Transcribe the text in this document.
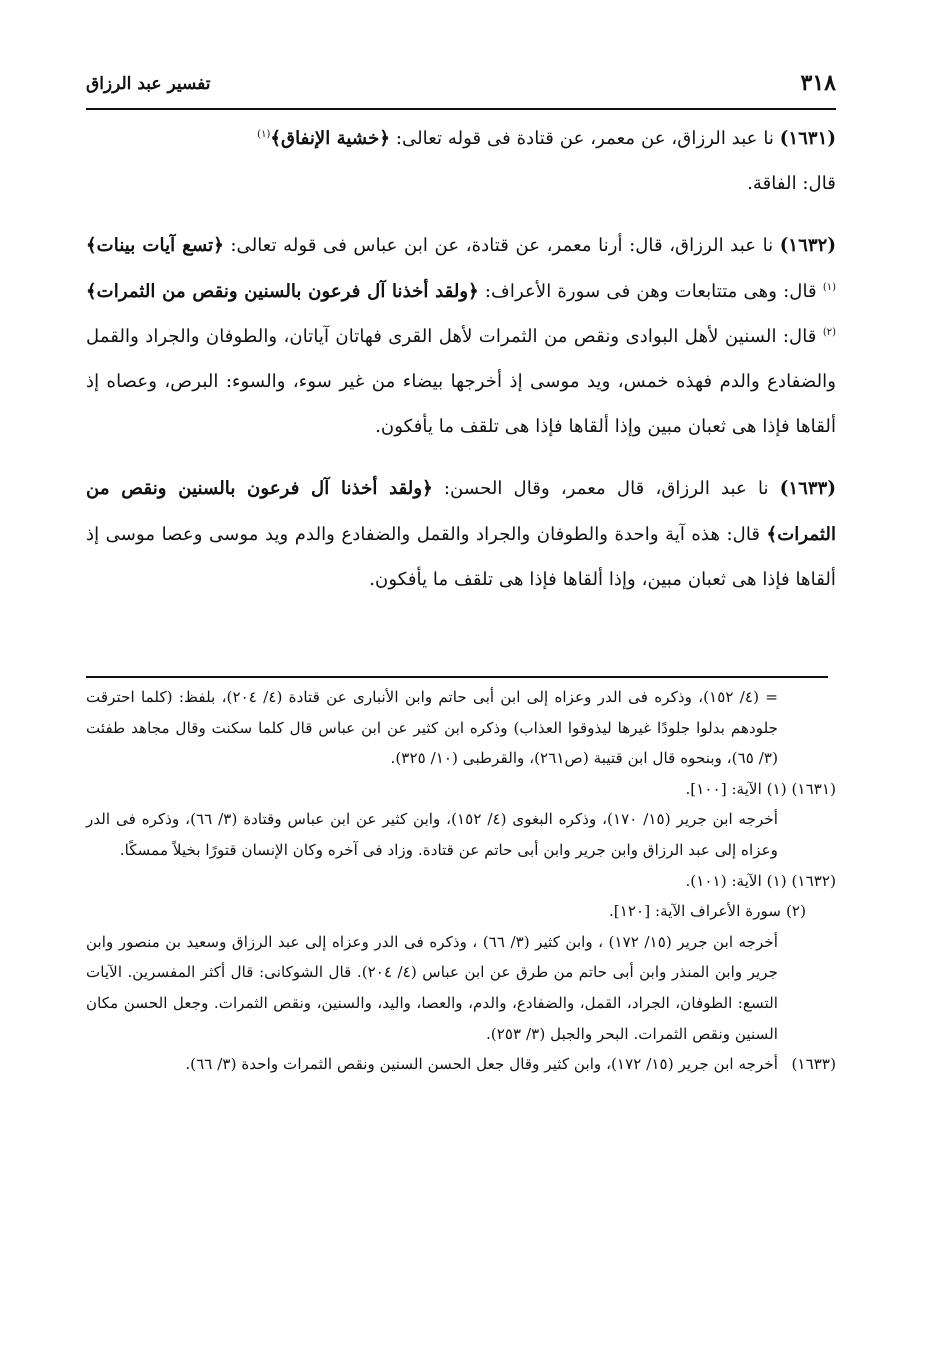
٣١٨
تفسير عبد الرزاق

(١٦٣١) نا عبد الرزاق، عن معمر، عن قتادة فى قوله تعالى: ﴿خشية الإنفاق﴾$^{(١)}$
قال: الفاقة.

(١٦٣٢) نا عبد الرزاق، قال: أرنا معمر، عن قتادة، عن ابن عباس فى قوله تعالى: ﴿تسع آيات بينات﴾$^{(١)}$ قال: وهى متتابعات وهن فى سورة الأعراف: ﴿ولقد أخذنا آل فرعون بالسنين ونقص من الثمرات﴾$^{(٢)}$ قال: السنين لأهل البوادى ونقص من الثمرات لأهل القرى فهاتان آياتان، والطوفان والجراد والقمل والضفادع والدم فهذه خمس، ويد موسى إذ أخرجها بيضاء من غير سوء، والسوء: البرص، وعصاه إذ ألقاها فإذا هى ثعبان مبين وإذا ألقاها فإذا هى تلقف ما يأفكون.

(١٦٣٣) نا عبد الرزاق، قال معمر، وقال الحسن: ﴿ولقد أخذنا آل فرعون بالسنين ونقص من الثمرات﴾ قال: هذه آية واحدة والطوفان والجراد والقمل والضفادع والدم ويد موسى وعصا موسى إذ ألقاها فإذا هى ثعبان مبين، وإذا ألقاها فإذا هى تلقف ما يأفكون.

= (٤/ ١٥٢)، وذكره فى الدر وعزاه إلى ابن أبى حاتم وابن الأنبارى عن قتادة (٤/ ٢٠٤)، بلفظ: (كلما احترقت جلودهم بدلوا جلودًا غيرها ليذوقوا العذاب) وذكره ابن كثير عن ابن عباس قال كلما سكنت وقال مجاهد طفئت (٣/ ٦٥)، وبنحوه قال ابن قتيبة (ص٢٦١)، والقرطبى (١٠/ ٣٢٥).

(١٦٣١) (١) الآية: [١٠٠].

أخرجه ابن جرير (١٥/ ١٧٠)، وذكره البغوى (٤/ ١٥٢)، وابن كثير عن ابن عباس وقتادة (٣/ ٦٦)، وذكره فى الدر وعزاه إلى عبد الرزاق وابن جرير وابن أبى حاتم عن قتادة. وزاد فى آخره وكان الإنسان قتورًا بخيلاً ممسكًا.

(١٦٣٢) (١) الآية: (١٠١).

(٢) سورة الأعراف الآية: [١٢٠].

أخرجه ابن جرير (١٥/ ١٧٢) ، وابن كثير (٣/ ٦٦) ، وذكره فى الدر وعزاه إلى عبد الرزاق وسعيد بن منصور وابن جرير وابن المنذر وابن أبى حاتم من طرق عن ابن عباس (٤/ ٢٠٤). قال الشوكانى: قال أكثر المفسرين. الآيات التسع: الطوفان، الجراد، القمل، والضفادع، والدم، والعصا، واليد، والسنين، ونقص الثمرات. وجعل الحسن مكان السنين ونقص الثمرات. البحر والجبل (٣/ ٢٥٣).

(١٦٣٣)
أخرجه ابن جرير (١٥/ ١٧٢)، وابن كثير وقال جعل الحسن السنين ونقص الثمرات واحدة (٣/ ٦٦).
